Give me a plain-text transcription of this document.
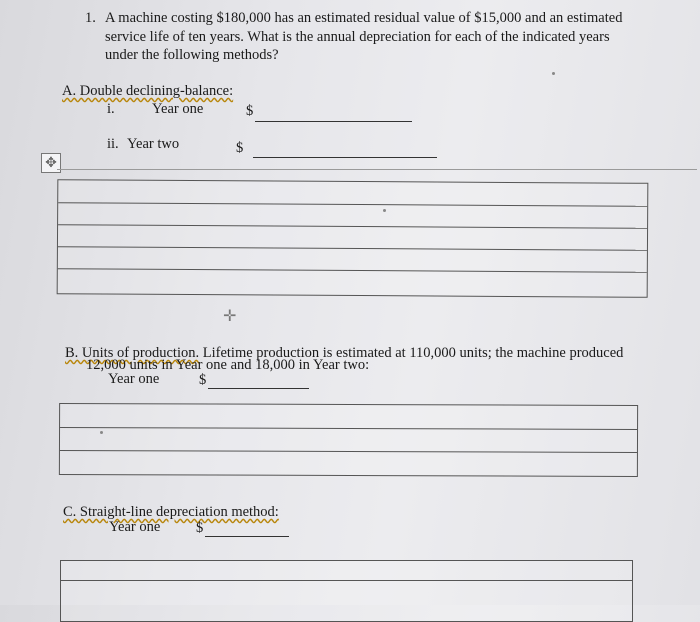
1. A machine costing $180,000 has an estimated residual value of $15,000 and an estimated
service life of ten years. What is the annual depreciation for each of the indicated years
under the following methods?
A. Double declining-balance:
i.	Year one	$
ii. Year two	$
✥
✛
B. Units of production. Lifetime production is estimated at 110,000 units; the machine produced
12,000 units in Year one and 18,000 in Year two:
Year one	$
C. Straight-line depreciation method:
Year one $
